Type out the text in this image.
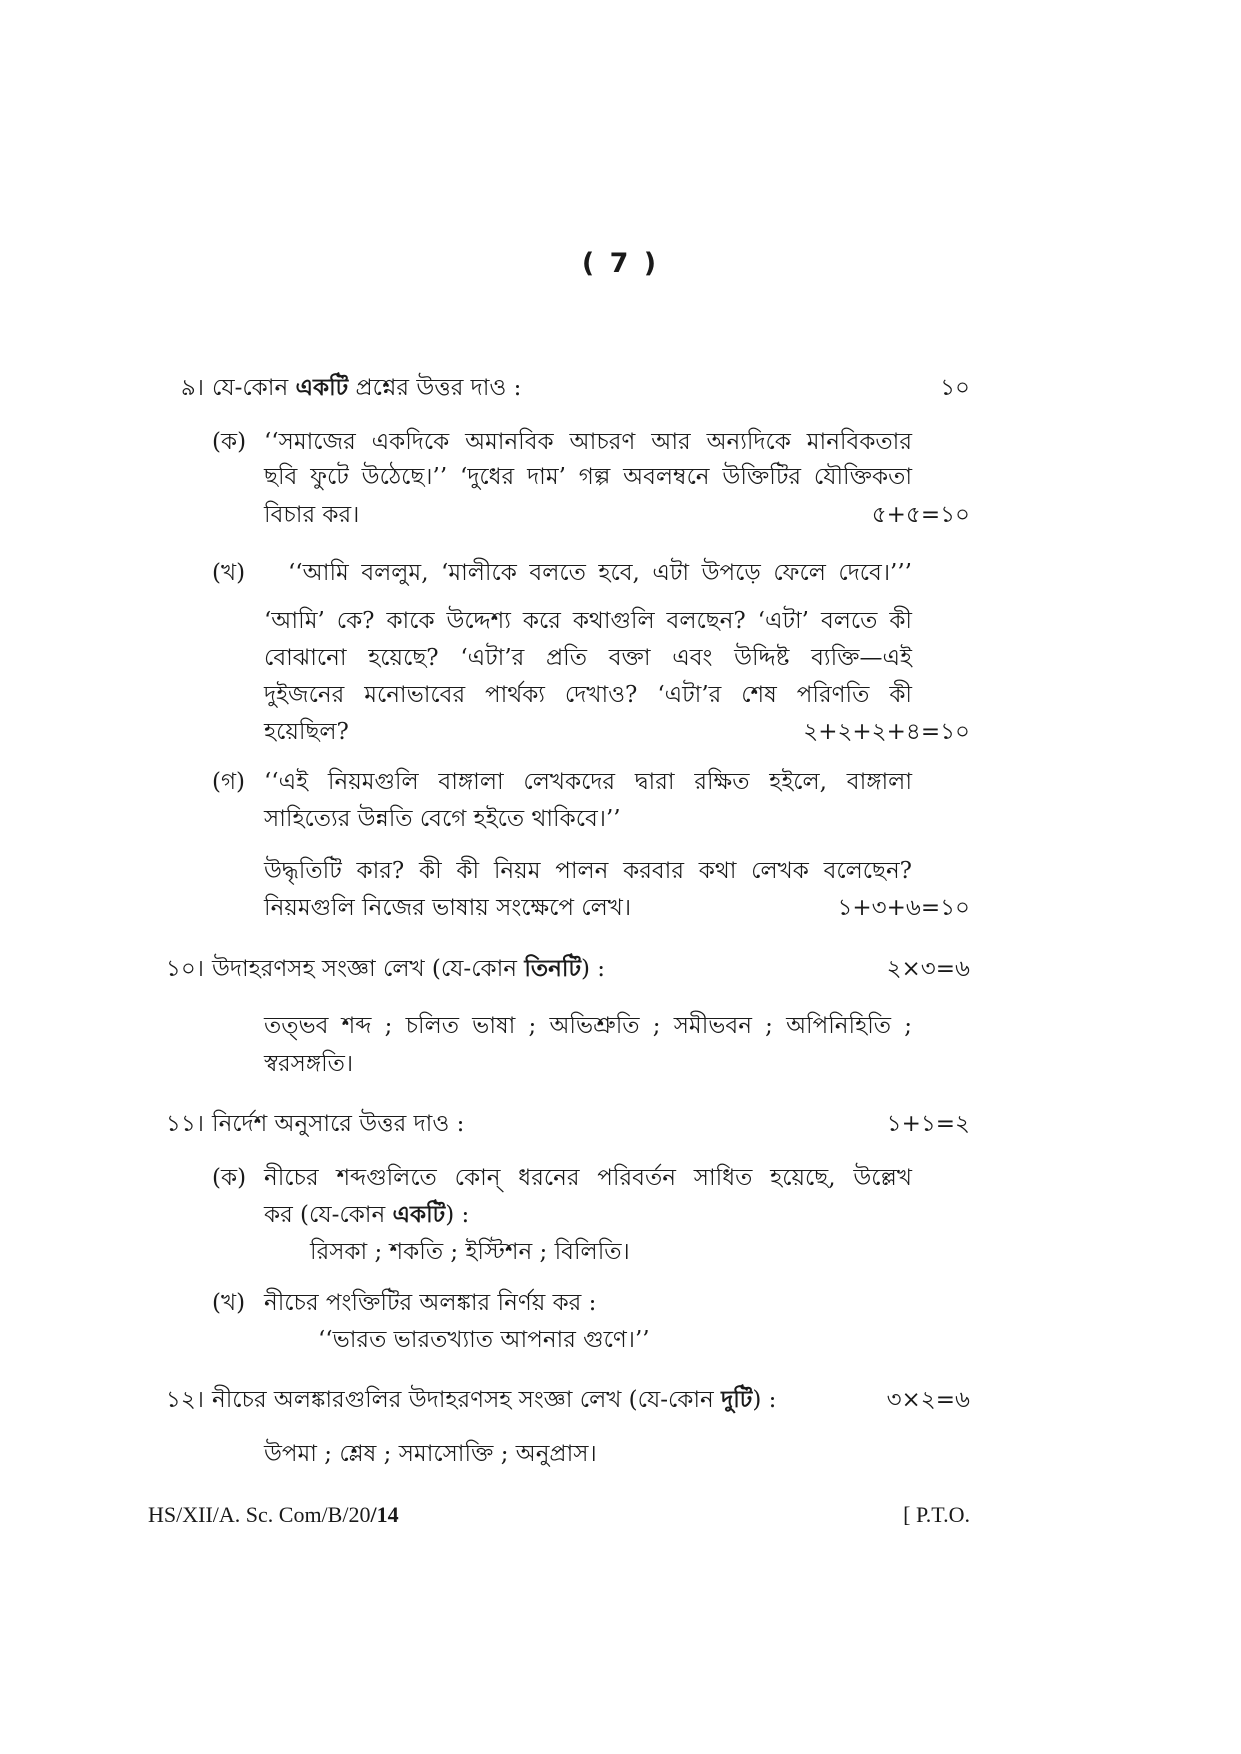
( 7 )
৯। যে-কোন একটি প্রশ্নের উত্তর দাও :	১০
(ক) ‘‘সমাজের একদিকে অমানবিক আচরণ আর অন্যদিকে মানবিকতার
ছবি ফুটে উঠেছে।’’ ‘দুধের দাম’ গল্প অবলম্বনে উক্তিটির যৌক্তিকতা
বিচার কর।	৫+৫=১০
(খ) ‘‘আমি বললুম, ‘মালীকে বলতে হবে, এটা উপড়ে ফেলে দেবে।’’’
‘আমি’ কে? কাকে উদ্দেশ্য করে কথাগুলি বলছেন? ‘এটা’ বলতে কী
বোঝানো হয়েছে? ‘এটা’র প্রতি বক্তা এবং উদ্দিষ্ট ব্যক্তি—এই
দুইজনের মনোভাবের পার্থক্য দেখাও? ‘এটা’র শেষ পরিণতি কী
হয়েছিল?	২+২+২+৪=১০
(গ) ‘‘এই নিয়মগুলি বাঙ্গালা লেখকদের দ্বারা রক্ষিত হইলে, বাঙ্গালা
সাহিত্যের উন্নতি বেগে হইতে থাকিবে।’’
উদ্ধৃতিটি কার? কী কী নিয়ম পালন করবার কথা লেখক বলেছেন?
নিয়মগুলি নিজের ভাষায় সংক্ষেপে লেখ।	১+৩+৬=১০
১০। উদাহরণসহ সংজ্ঞা লেখ (যে-কোন তিনটি) :	২×৩=৬
তত্ভব শব্দ ; চলিত ভাষা ; অভিশ্রুতি ; সমীভবন ; অপিনিহিতি ;
স্বরসঙ্গতি।
১১। নির্দেশ অনুসারে উত্তর দাও :	১+১=২
(ক) নীচের শব্দগুলিতে কোন্ ধরনের পরিবর্তন সাধিত হয়েছে, উল্লেখ
কর (যে-কোন একটি) :
রিসকা ; শকতি ; ইস্টিশন ; বিলিতি।
(খ) নীচের পংক্তিটির অলঙ্কার নির্ণয় কর :
‘‘ভারত ভারতখ্যাত আপনার গুণে।’’
১২। নীচের অলঙ্কারগুলির উদাহরণসহ সংজ্ঞা লেখ (যে-কোন দুটি) :	৩×২=৬
উপমা ; শ্লেষ ; সমাসোক্তি ; অনুপ্রাস।
HS/XII/A. Sc. Com/B/20/14	[ P.T.O.
